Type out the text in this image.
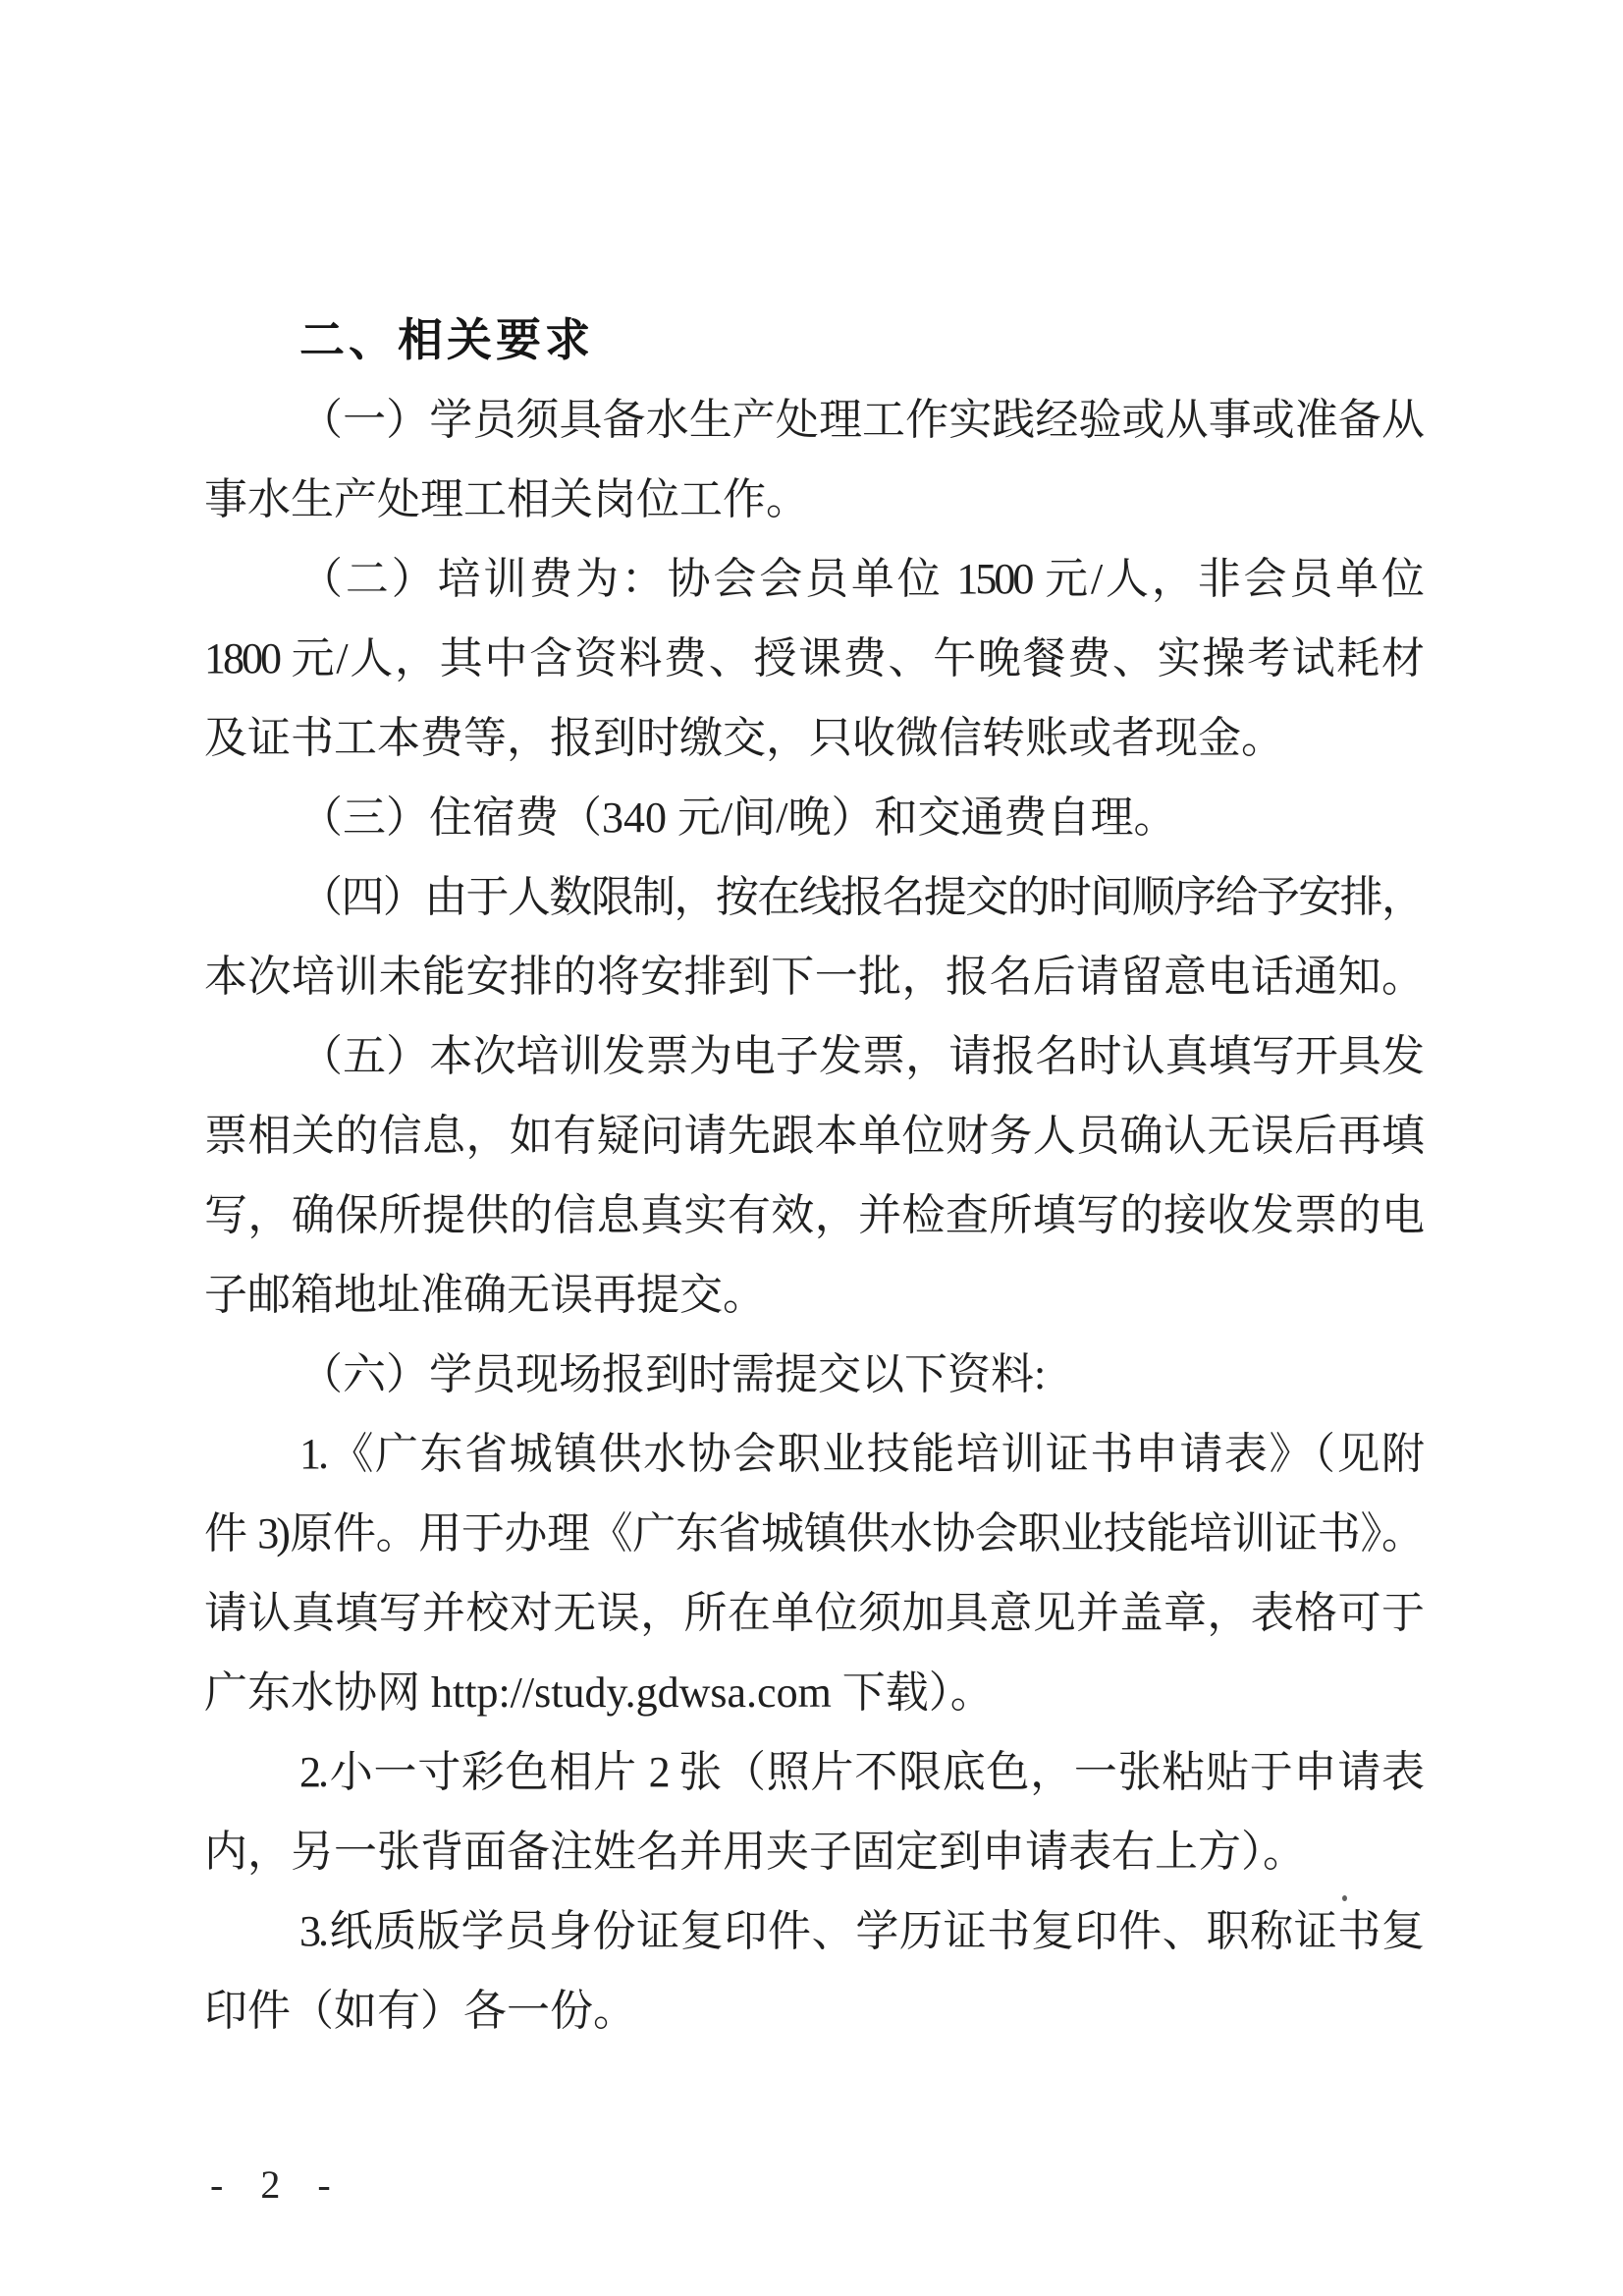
二、相关要求
（一）学员须具备水生产处理工作实践经验或从事或准备从
事水生产处理工相关岗位工作。
（二）培训费为：协会会员单位 1500 元/人，非会员单位
1800 元/人，其中含资料费、授课费、午晚餐费、实操考试耗材
及证书工本费等，报到时缴交，只收微信转账或者现金。
（三）住宿费（340 元/间/晚）和交通费自理。
（四）由于人数限制，按在线报名提交的时间顺序给予安排，
本次培训未能安排的将安排到下一批，报名后请留意电话通知。
（五）本次培训发票为电子发票，请报名时认真填写开具发
票相关的信息，如有疑问请先跟本单位财务人员确认无误后再填
写，确保所提供的信息真实有效，并检查所填写的接收发票的电
子邮箱地址准确无误再提交。
（六）学员现场报到时需提交以下资料:
1.《广东省城镇供水协会职业技能培训证书申请表》（见附
件 3)原件。用于办理《广东省城镇供水协会职业技能培训证书》。
请认真填写并校对无误，所在单位须加具意见并盖章，表格可于
广东水协网 http://study.gdwsa.com 下载）。
2.小一寸彩色相片 2 张（照片不限底色，一张粘贴于申请表
内，另一张背面备注姓名并用夹子固定到申请表右上方）。
3.纸质版学员身份证复印件、学历证书复印件、职称证书复
印件（如有）各一份。
- 2 -
